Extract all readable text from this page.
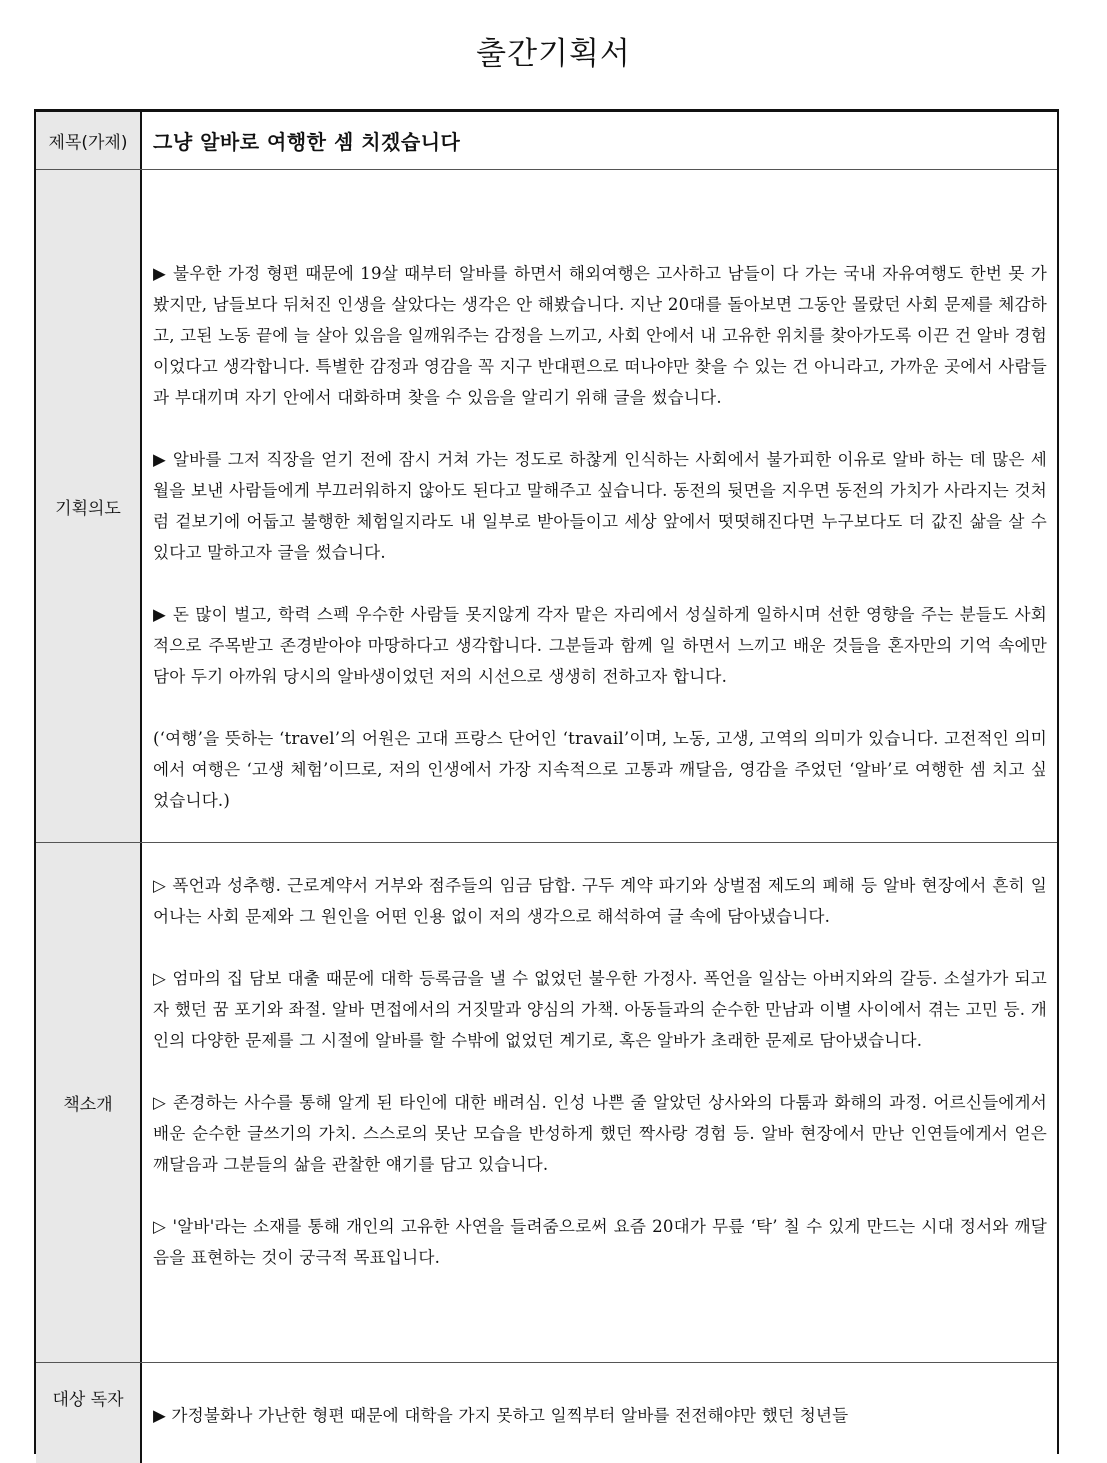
출간기획서
제목(가제)	그냥 알바로 여행한 셈 치겠습니다
기획의도

▶ 불우한 가정 형편 때문에 19살 때부터 알바를 하면서 해외여행은 고사하고 남들이 다 가는 국내 자유여행도 한번 못 가봤지만, 남들보다 뒤처진 인생을 살았다는 생각은 안 해봤습니다. 지난 20대를 돌아보면 그동안 몰랐던 사회 문제를 체감하고, 고된 노동 끝에 늘 살아 있음을 일깨워주는 감정을 느끼고, 사회 안에서 내 고유한 위치를 찾아가도록 이끈 건 알바 경험이었다고 생각합니다. 특별한 감정과 영감을 꼭 지구 반대편으로 떠나야만 찾을 수 있는 건 아니라고, 가까운 곳에서 사람들과 부대끼며 자기 안에서 대화하며 찾을 수 있음을 알리기 위해 글을 썼습니다.

▶ 알바를 그저 직장을 얻기 전에 잠시 거쳐 가는 정도로 하찮게 인식하는 사회에서 불가피한 이유로 알바 하는 데 많은 세월을 보낸 사람들에게 부끄러워하지 않아도 된다고 말해주고 싶습니다. 동전의 뒷면을 지우면 동전의 가치가 사라지는 것처럼 겉보기에 어둡고 불행한 체험일지라도 내 일부로 받아들이고 세상 앞에서 떳떳해진다면 누구보다도 더 값진 삶을 살 수 있다고 말하고자 글을 썼습니다.

▶ 돈 많이 벌고, 학력 스펙 우수한 사람들 못지않게 각자 맡은 자리에서 성실하게 일하시며 선한 영향을 주는 분들도 사회적으로 주목받고 존경받아야 마땅하다고 생각합니다. 그분들과 함께 일 하면서 느끼고 배운 것들을 혼자만의 기억 속에만 담아 두기 아까워 당시의 알바생이었던 저의 시선으로 생생히 전하고자 합니다.

(‘여행’을 뜻하는 ‘travel’의 어원은 고대 프랑스 단어인 ‘travail’이며, 노동, 고생, 고역의 의미가 있습니다. 고전적인 의미에서 여행은 ‘고생 체험’이므로, 저의 인생에서 가장 지속적으로 고통과 깨달음, 영감을 주었던 ‘알바’로 여행한 셈 치고 싶었습니다.)

책소개

▷ 폭언과 성추행. 근로계약서 거부와 점주들의 임금 담합. 구두 계약 파기와 상벌점 제도의 폐해 등 알바 현장에서 흔히 일어나는 사회 문제와 그 원인을 어떤 인용 없이 저의 생각으로 해석하여 글 속에 담아냈습니다.

▷ 엄마의 집 담보 대출 때문에 대학 등록금을 낼 수 없었던 불우한 가정사. 폭언을 일삼는 아버지와의 갈등. 소설가가 되고자 했던 꿈 포기와 좌절. 알바 면접에서의 거짓말과 양심의 가책. 아동들과의 순수한 만남과 이별 사이에서 겪는 고민 등. 개인의 다양한 문제를 그 시절에 알바를 할 수밖에 없었던 계기로, 혹은 알바가 초래한 문제로 담아냈습니다.

▷ 존경하는 사수를 통해 알게 된 타인에 대한 배려심. 인성 나쁜 줄 알았던 상사와의 다툼과 화해의 과정. 어르신들에게서 배운 순수한 글쓰기의 가치. 스스로의 못난 모습을 반성하게 했던 짝사랑 경험 등. 알바 현장에서 만난 인연들에게서 얻은 깨달음과 그분들의 삶을 관찰한 얘기를 담고 있습니다.

▷ '알바'라는 소재를 통해 개인의 고유한 사연을 들려줌으로써 요즘 20대가 무릎 ‘탁’ 칠 수 있게 만드는 시대 정서와 깨달음을 표현하는 것이 궁극적 목표입니다.

대상 독자

▶ 가정불화나 가난한 형편 때문에 대학을 가지 못하고 일찍부터 알바를 전전해야만 했던 청년들
